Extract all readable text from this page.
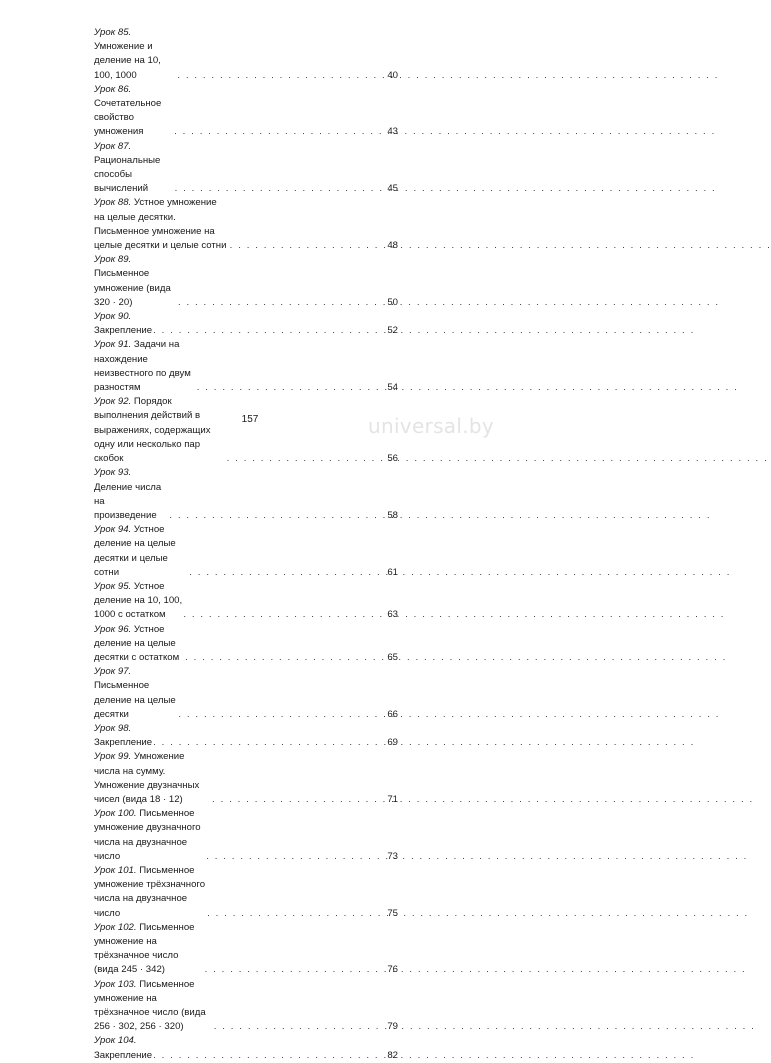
Урок 85. Умножение и деление на 10, 100, 1000 . . .	40
Урок 86. Сочетательное свойство умножения . . .	43
Урок 87. Рациональные способы вычислений . . .	45
Урок 88. Устное умножение на целые десятки. Письменное умножение на целые десятки и целые сотни . . .	48
Урок 89. Письменное умножение (вида 320 · 20) . . .	50
Урок 90. Закрепление . . .	52
Урок 91. Задачи на нахождение неизвестного по двум разностям . . .	54
Урок 92. Порядок выполнения действий в выражениях, содержащих одну или несколько пар скобок . . .	56
Урок 93. Деление числа на произведение . . .	58
Урок 94. Устное деление на целые десятки и целые сотни . . .	61
Урок 95. Устное деление на 10, 100, 1000 с остатком . . .	63
Урок 96. Устное деление на целые десятки с остатком . . .	65
Урок 97. Письменное деление на целые десятки . . .	66
Урок 98. Закрепление . . .	69
Урок 99. Умножение числа на сумму. Умножение двузначных чисел (вида 18 · 12) . . .	71
Урок 100. Письменное умножение двузначного числа на двузначное число . . .	73
Урок 101. Письменное умножение трёхзначного числа на двузначное число . . .	75
Урок 102. Письменное умножение на трёхзначное число (вида 245 · 342) . . .	76
Урок 103. Письменное умножение на трёхзначное число (вида 256 · 302, 256 · 320) . . .	79
Урок 104. Закрепление . . .	82
157	universal.by
